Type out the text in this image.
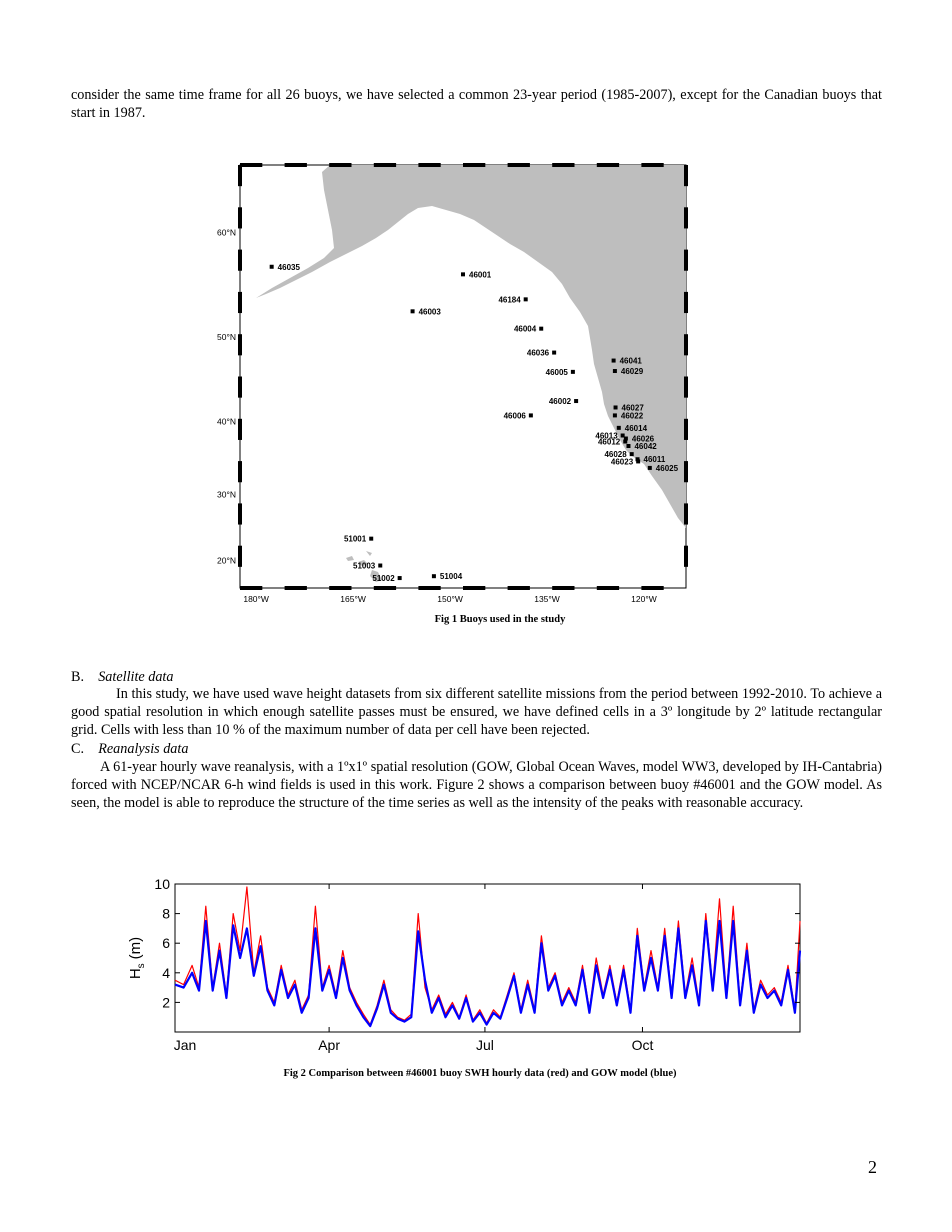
consider the same time frame for all 26 buoys, we have selected a common 23-year period (1985-2007), except for the Canadian buoys that start in 1987.

60°N
50°N
40°N
30°N
20°N
180°W	165°W	150°W	135°W	120°W
46035
46001
46184
46003
46004
46036
46041
46029
46005
46002
46027
46022
46006
46014
46013 46026
46012 46042
46028
46011
46023
46025
51001
51003
51002	51004
Fig 1 Buoys used in the study
B. Satellite data

In this study, we have used wave height datasets from six different satellite missions from the period between 1992-2010. To achieve a good spatial resolution in which enough satellite passes must be ensured, we have defined cells in a 3º longitude by 2º latitude rectangular grid. Cells with less than 10 % of the maximum number of data per cell have been rejected.

C. Reanalysis data

A 61-year hourly wave reanalysis, with a 1ºx1º spatial resolution (GOW, Global Ocean Waves, model WW3, developed by IH-Cantabria) forced with NCEP/NCAR 6-h wind fields is used in this work. Figure 2 shows a comparison between buoy #46001 and the GOW model. As seen, the model is able to reproduce the structure of the time series as well as the intensity of the peaks with reasonable accuracy.

2
4
6
8
10
Jan	Apr	Jul	Oct
$H_s(m)$
Fig 2 Comparison between #46001 buoy SWH hourly data (red) and GOW model (blue)
2
